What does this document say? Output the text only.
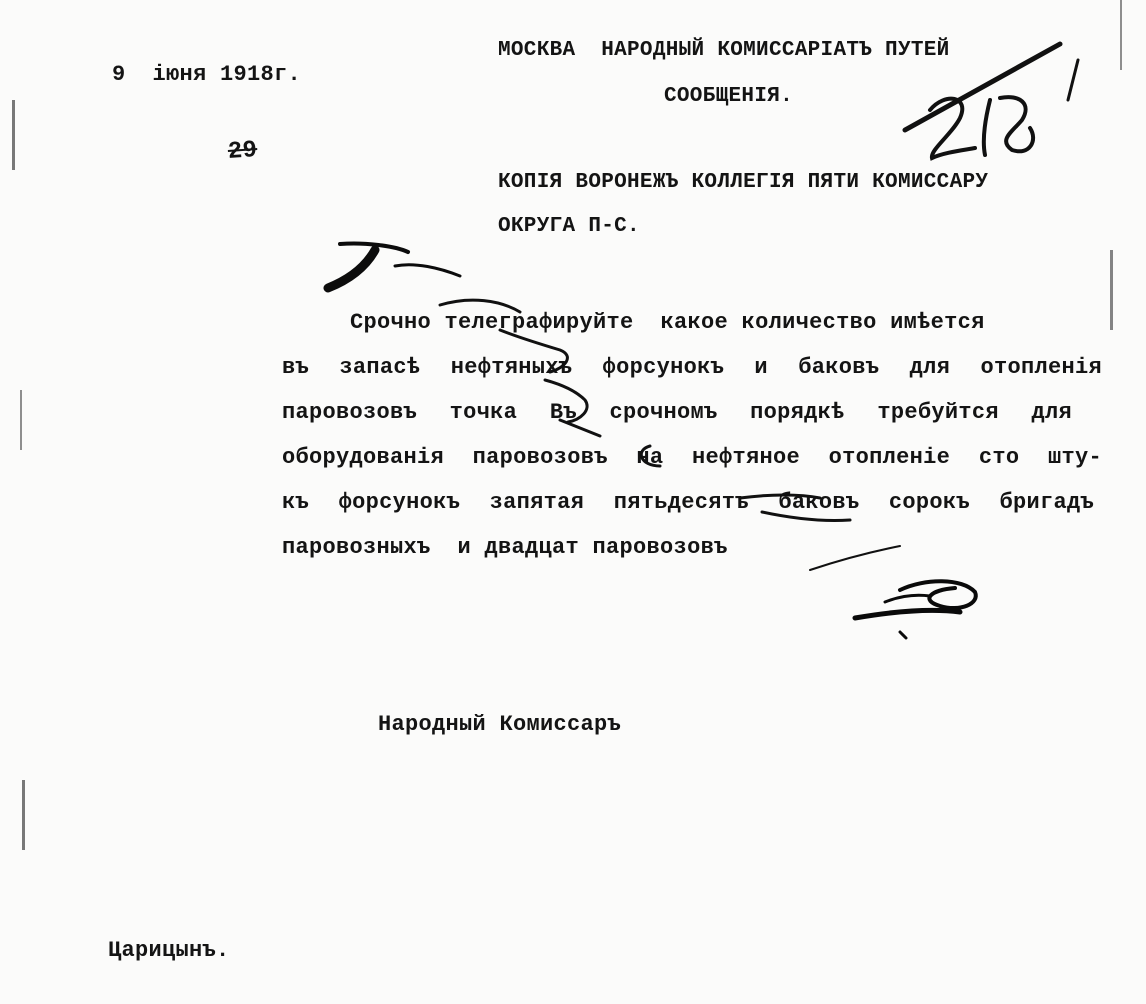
9  іюня 1918г.

МОСКВА  НАРОДНЫЙ КОМИССАРІАТЪ ПУТЕЙ

СООБЩЕНІЯ.

29

КОПІЯ ВОРОНЕЖЪ КОЛЛЕГІЯ ПЯТИ КОМИССАРУ

ОКРУГА П-С.

Срочно телеграфируйте  какое количество имѣется

въ запасѣ нефтяныхъ форсунокъ и баковъ для отопленія

паровозовъ точка Въ срочномъ порядкѣ требуйтся для

оборудованія паровозовъ на нефтяное отопленіе сто шту-

къ форсунокъ запятая пятьдесятъ баковъ сорокъ бригадъ

паровозныхъ  и двадцат паровозовъ

Народный Комиссаръ

Царицынъ.
